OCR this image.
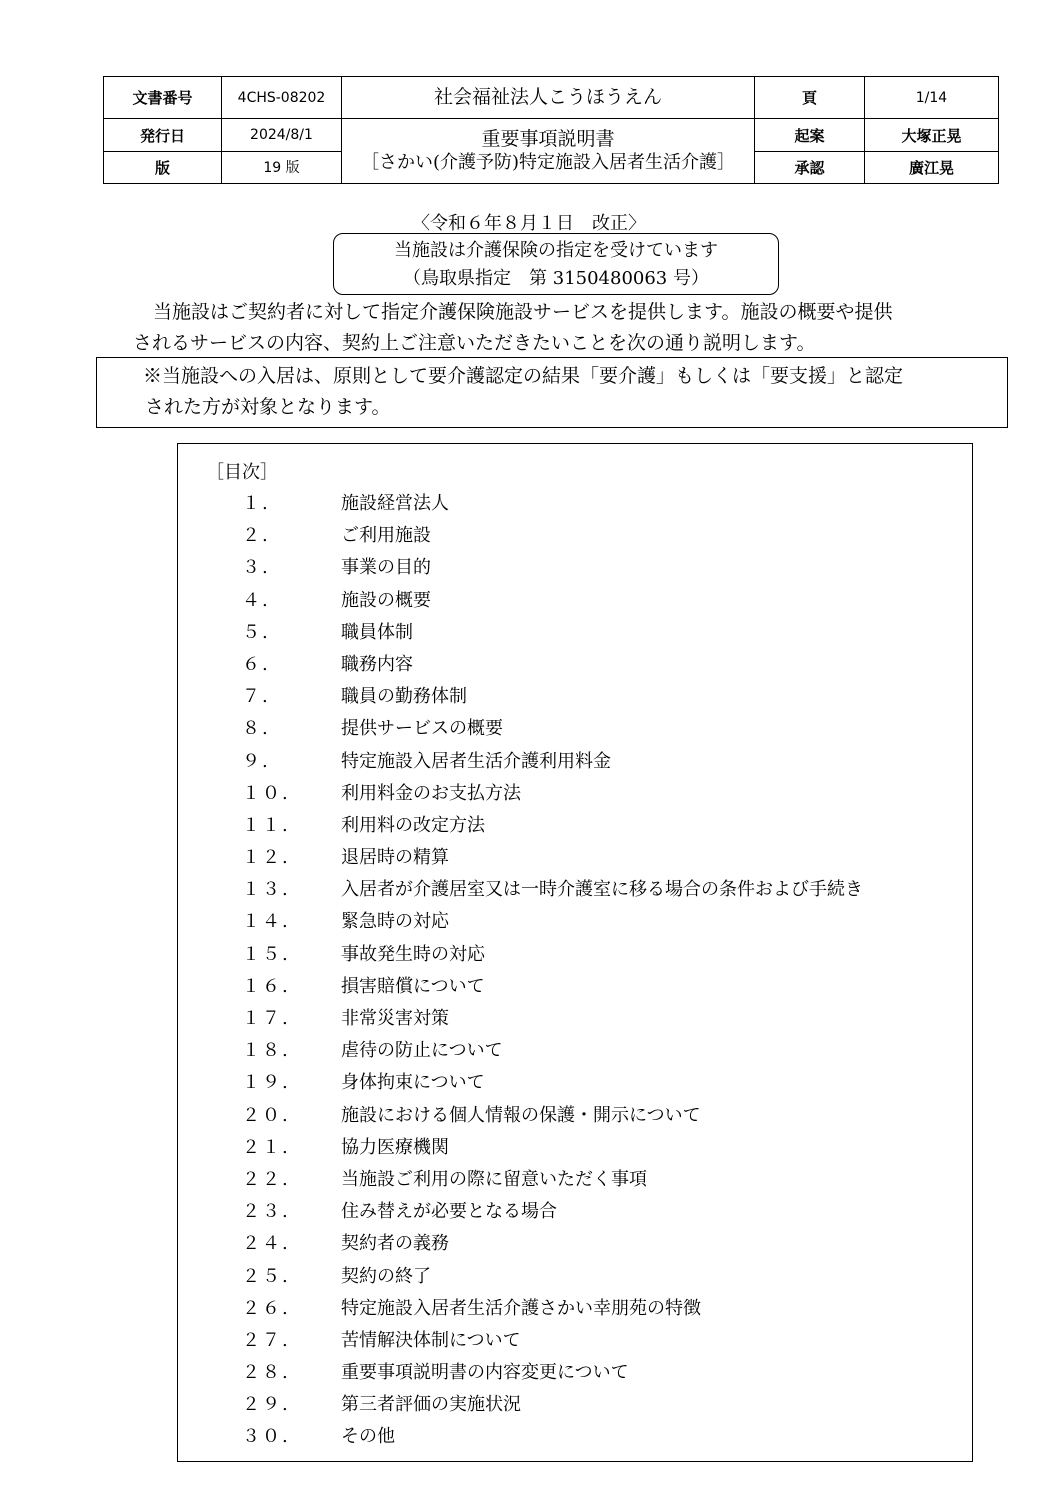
文書番号	4CHS-08202	社会福祉法人こうほうえん	頁	1/14
発行日	2024/8/1	重要事項説明書
［さかい(介護予防)特定施設入居者生活介護］	起案	大塚正晃
版	19 版		承認	廣江晃
〈令和６年８月１日　改正〉
当施設は介護保険の指定を受けています
（鳥取県指定　第 3150480063 号）
当施設はご契約者に対して指定介護保険施設サービスを提供します。施設の概要や提供
されるサービスの内容、契約上ご注意いただきたいことを次の通り説明します。
※当施設への入居は、原則として要介護認定の結果「要介護」もしくは「要支援」と認定
された方が対象となります。
［目次］
１.	施設経営法人
２.	ご利用施設
３.	事業の目的
４.	施設の概要
５.	職員体制
６.	職務内容
７.	職員の勤務体制
８.	提供サービスの概要
９.	特定施設入居者生活介護利用料金
１０.	利用料金のお支払方法
１１.	利用料の改定方法
１２.	退居時の精算
１３.	入居者が介護居室又は一時介護室に移る場合の条件および手続き
１４.	緊急時の対応
１５.	事故発生時の対応
１６.	損害賠償について
１７.	非常災害対策
１８.	虐待の防止について
１９.	身体拘束について
２０.	施設における個人情報の保護・開示について
２１.	協力医療機関
２２.	当施設ご利用の際に留意いただく事項
２３.	住み替えが必要となる場合
２４.	契約者の義務
２５.	契約の終了
２６.	特定施設入居者生活介護さかい幸朋苑の特徴
２７.	苦情解決体制について
２８.	重要事項説明書の内容変更について
２９.	第三者評価の実施状況
３０.	その他
